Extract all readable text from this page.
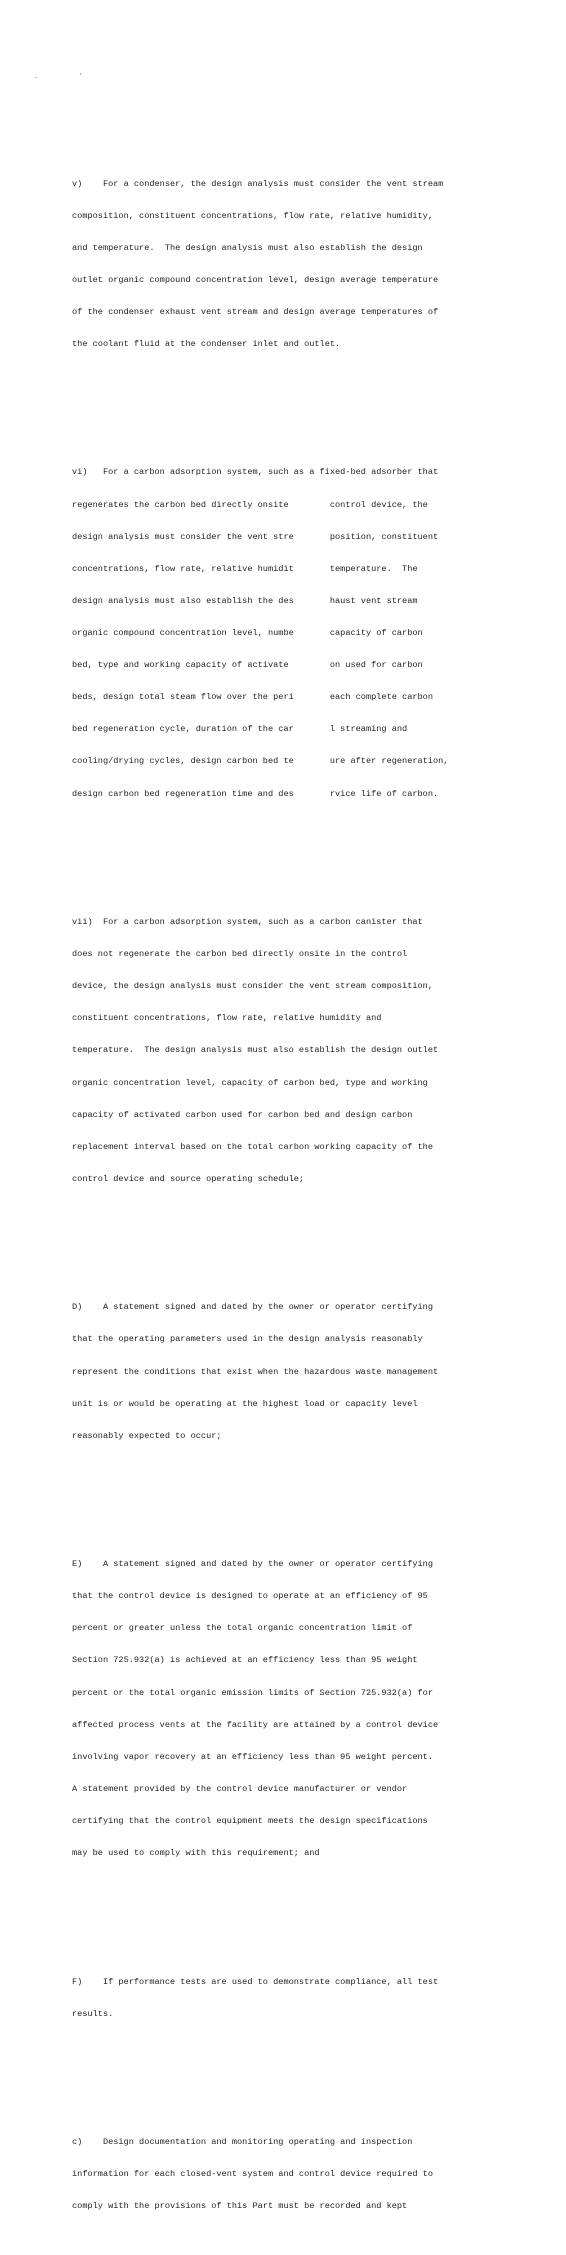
. '

v)    For a condenser, the design analysis must consider the vent stream

composition, constituent concentrations, flow rate, relative humidity,

and temperature.  The design analysis must also establish the design

outlet organic compound concentration level, design average temperature

of the condenser exhaust vent stream and design average temperatures of

the coolant fluid at the condenser inlet and outlet.

vi)   For a carbon adsorption system, such as a fixed-bed adsorber that

regenerates the carbon bed directly onsite        control device, the

design analysis must consider the vent stre       position, constituent

concentrations, flow rate, relative humidit       temperature.  The

design analysis must also establish the des       haust vent stream

organic compound concentration level, numbe       capacity of carbon

bed, type and working capacity of activate        on used for carbon

beds, design total steam flow over the peri       each complete carbon

bed regeneration cycle, duration of the car       l streaming and

cooling/drying cycles, design carbon bed te       ure after regeneration,

design carbon bed regeneration time and des       rvice life of carbon.

vii)  For a carbon adsorption system, such as a carbon canister that

does not regenerate the carbon bed directly onsite in the control

device, the design analysis must consider the vent stream composition,

constituent concentrations, flow rate, relative humidity and

temperature.  The design analysis must also establish the design outlet

organic concentration level, capacity of carbon bed, type and working

capacity of activated carbon used for carbon bed and design carbon

replacement interval based on the total carbon working capacity of the

control device and source operating schedule;

D)    A statement signed and dated by the owner or operator certifying

that the operating parameters used in the design analysis reasonably

represent the conditions that exist when the hazardous waste management

unit is or would be operating at the highest load or capacity level

reasonably expected to occur;

E)    A statement signed and dated by the owner or operator certifying

that the control device is designed to operate at an efficiency of 95

percent or greater unless the total organic concentration limit of

Section 725.932(a) is achieved at an efficiency less than 95 weight

percent or the total organic emission limits of Section 725.932(a) for

affected process vents at the facility are attained by a control device

involving vapor recovery at an efficiency less than 95 weight percent.

A statement provided by the control device manufacturer or vendor

certifying that the control equipment meets the design specifications

may be used to comply with this requirement; and

F)    If performance tests are used to demonstrate compliance, all test

results.

c)    Design documentation and monitoring operating and inspection

information for each closed-vent system and control device required to

comply with the provisions of this Part must be recorded and kept
